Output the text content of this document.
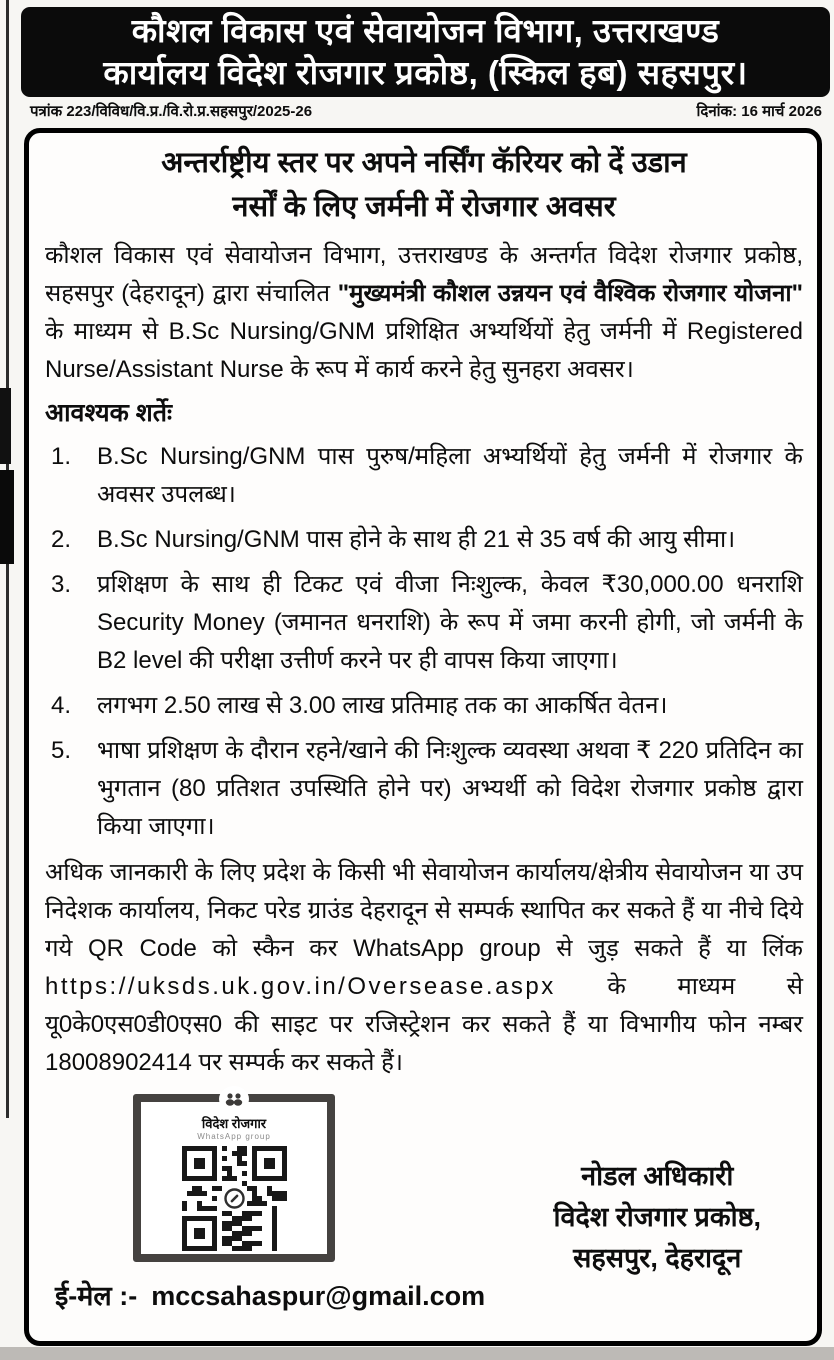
कौशल विकास एवं सेवायोजन विभाग, उत्तराखण्ड
कार्यालय विदेश रोजगार प्रकोष्ठ, (स्किल हब) सहसपुर।
पत्रांक 223/विविध/वि.प्र./वि.रो.प्र.सहसपुर/2025-26	दिनांक: 16 मार्च 2026
अन्तर्राष्ट्रीय स्तर पर अपने नर्सिंग कॅरियर को दें उडान
नर्सों के लिए जर्मनी में रोजगार अवसर
कौशल विकास एवं सेवायोजन विभाग, उत्तराखण्ड के अन्तर्गत विदेश रोजगार प्रकोष्ठ, सहसपुर (देहरादून) द्वारा संचालित "मुख्यमंत्री कौशल उन्नयन एवं वैश्विक रोजगार योजना" के माध्यम से B.Sc Nursing/GNM प्रशिक्षित अभ्यर्थियों हेतु जर्मनी में Registered Nurse/Assistant Nurse के रूप में कार्य करने हेतु सुनहरा अवसर।
आवश्यक शर्तेः
1.	B.Sc Nursing/GNM पास पुरुष/महिला अभ्यर्थियों हेतु जर्मनी में रोजगार के अवसर उपलब्ध।
2.	B.Sc Nursing/GNM पास होने के साथ ही 21 से 35 वर्ष की आयु सीमा।
3.	प्रशिक्षण के साथ ही टिकट एवं वीजा निःशुल्क, केवल ₹30,000.00 धनराशि Security Money (जमानत धनराशि) के रूप में जमा करनी होगी, जो जर्मनी के B2 level की परीक्षा उत्तीर्ण करने पर ही वापस किया जाएगा।
4.	लगभग 2.50 लाख से 3.00 लाख प्रतिमाह तक का आकर्षित वेतन।
5.	भाषा प्रशिक्षण के दौरान रहने/खाने की निःशुल्क व्यवस्था अथवा ₹ 220 प्रतिदिन का भुगतान (80 प्रतिशत उपस्थिति होने पर) अभ्यर्थी को विदेश रोजगार प्रकोष्ठ द्वारा किया जाएगा।
अधिक जानकारी के लिए प्रदेश के किसी भी सेवायोजन कार्यालय/क्षेत्रीय सेवायोजन या उप निदेशक कार्यालय, निकट परेड ग्राउंड देहरादून से सम्पर्क स्थापित कर सकते हैं या नीचे दिये गये QR Code को स्कैन कर WhatsApp group से जुड़ सकते हैं या लिंक https://uksds.uk.gov.in/Oversease.aspx के माध्यम से यू0के0एस0डी0एस0 की साइट पर रजिस्ट्रेशन कर सकते हैं या विभागीय फोन नम्बर 18008902414 पर सम्पर्क कर सकते हैं।
विदेश रोजगार
WhatsApp group
नोडल अधिकारी
विदेश रोजगार प्रकोष्ठ,
सहसपुर, देहरादून
ई-मेल :- mccsahaspur@gmail.com
